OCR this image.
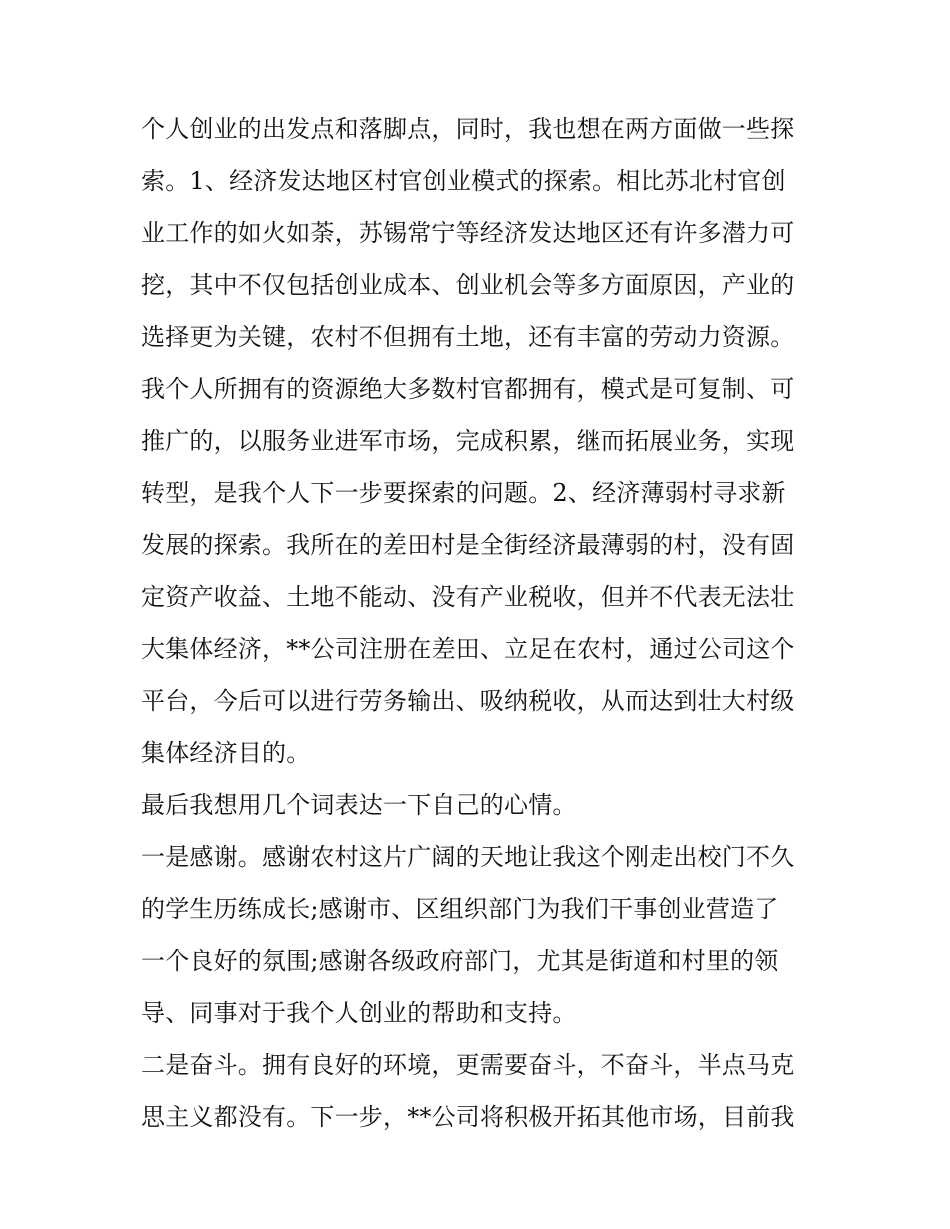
个人创业的出发点和落脚点，同时，我也想在两方面做一些探
索。1、经济发达地区村官创业模式的探索。相比苏北村官创
业工作的如火如荼，苏锡常宁等经济发达地区还有许多潜力可
挖，其中不仅包括创业成本、创业机会等多方面原因，产业的
选择更为关键，农村不但拥有土地，还有丰富的劳动力资源。
我个人所拥有的资源绝大多数村官都拥有，模式是可复制、可
推广的，以服务业进军市场，完成积累，继而拓展业务，实现
转型，是我个人下一步要探索的问题。2、经济薄弱村寻求新
发展的探索。我所在的差田村是全街经济最薄弱的村，没有固
定资产收益、土地不能动、没有产业税收，但并不代表无法壮
大集体经济，**公司注册在差田、立足在农村，通过公司这个
平台，今后可以进行劳务输出、吸纳税收，从而达到壮大村级
集体经济目的。
最后我想用几个词表达一下自己的心情。
一是感谢。感谢农村这片广阔的天地让我这个刚走出校门不久
的学生历练成长;感谢市、区组织部门为我们干事创业营造了
一个良好的氛围;感谢各级政府部门，尤其是街道和村里的领
导、同事对于我个人创业的帮助和支持。
二是奋斗。拥有良好的环境，更需要奋斗，不奋斗，半点马克
思主义都没有。下一步，**公司将积极开拓其他市场，目前我
